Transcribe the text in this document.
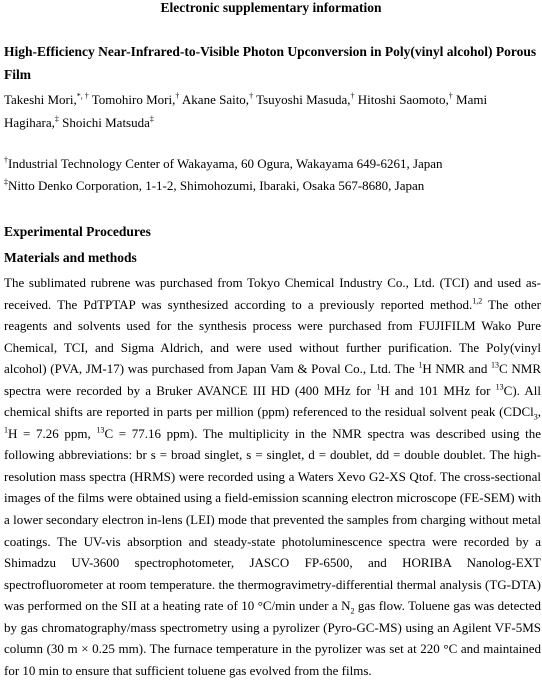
Electronic supplementary information
High-Efficiency Near-Infrared-to-Visible Photon Upconversion in Poly(vinyl alcohol) Porous Film
Takeshi Mori,*, † Tomohiro Mori,† Akane Saito,† Tsuyoshi Masuda,† Hitoshi Saomoto,† Mami Hagihara,‡ Shoichi Matsuda‡
†Industrial Technology Center of Wakayama, 60 Ogura, Wakayama 649-6261, Japan
‡Nitto Denko Corporation, 1-1-2, Shimohozumi, Ibaraki, Osaka 567-8680, Japan
Experimental Procedures
Materials and methods
The sublimated rubrene was purchased from Tokyo Chemical Industry Co., Ltd. (TCI) and used as-received. The PdTPTAP was synthesized according to a previously reported method.$^{1,2}$ The other reagents and solvents used for the synthesis process were purchased from FUJIFILM Wako Pure Chemical, TCI, and Sigma Aldrich, and were used without further purification. The Poly(vinyl alcohol) (PVA, JM-17) was purchased from Japan Vam & Poval Co., Ltd. The $^1$H NMR and $^{13}$C NMR spectra were recorded by a Bruker AVANCE III HD (400 MHz for $^1$H and 101 MHz for $^{13}$C). All chemical shifts are reported in parts per million (ppm) referenced to the residual solvent peak (CDCl$_3$, $^1$H = 7.26 ppm, $^{13}$C = 77.16 ppm). The multiplicity in the NMR spectra was described using the following abbreviations: br s = broad singlet, s = singlet, d = doublet, dd = double doublet. The high-resolution mass spectra (HRMS) were recorded using a Waters Xevo G2-XS Qtof. The cross-sectional images of the films were obtained using a field-emission scanning electron microscope (FE-SEM) with a lower secondary electron in-lens (LEI) mode that prevented the samples from charging without metal coatings. The UV-vis absorption and steady-state photoluminescence spectra were recorded by a Shimadzu UV-3600 spectrophotometer, JASCO FP-6500, and HORIBA Nanolog-EXT spectrofluorometer at room temperature. the thermogravimetry-differential thermal analysis (TG-DTA) was performed on the SII at a heating rate of 10 °C/min under a $N_2$ gas flow. Toluene gas was detected by gas chromatography/mass spectrometry using a pyrolizer (Pyro-GC-MS) using an Agilent VF-5MS column (30 m × 0.25 mm). The furnace temperature in the pyrolizer was set at 220 °C and maintained for 10 min to ensure that sufficient toluene gas evolved from the films.
